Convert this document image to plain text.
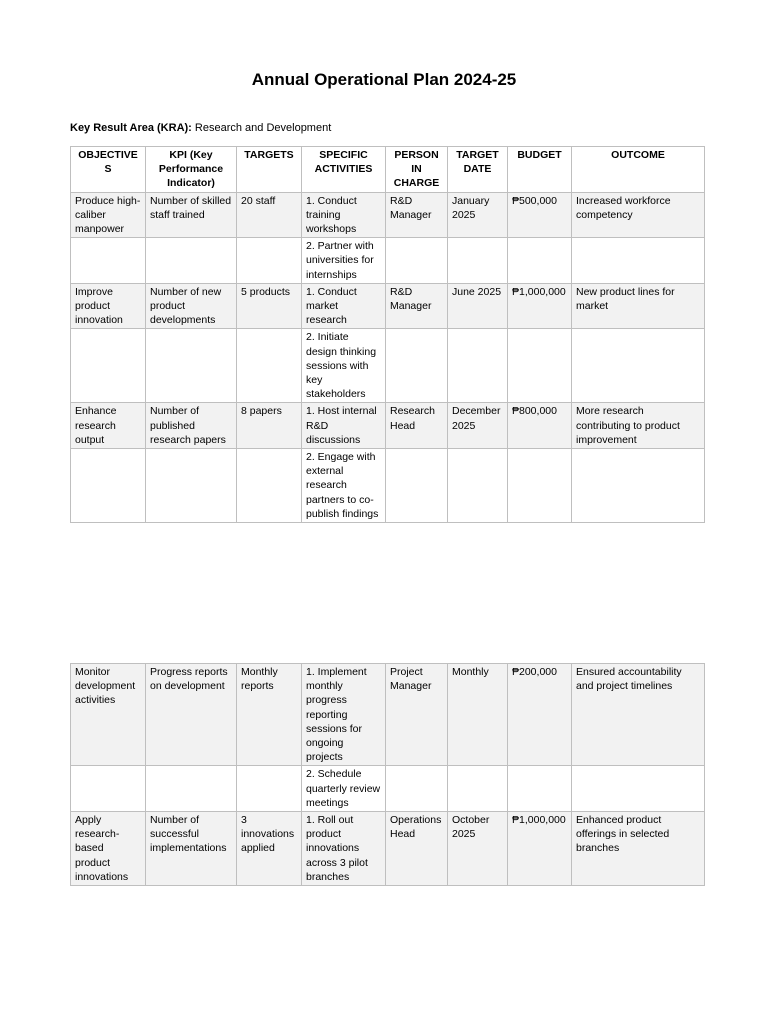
Annual Operational Plan 2024-25
Key Result Area (KRA): Research and Development
OBJECTIVES	KPI (Key Performance Indicator)	TARGETS	SPECIFIC ACTIVITIES	PERSON IN CHARGE	TARGET DATE	BUDGET	OUTCOME
Produce high-caliber manpower	Number of skilled staff trained	20 staff	1. Conduct training workshops	R&D Manager	January 2025	₱500,000	Increased workforce competency
			2. Partner with universities for internships				
Improve product innovation	Number of new product developments	5 products	1. Conduct market research	R&D Manager	June 2025	₱1,000,000	New product lines for market
			2. Initiate design thinking sessions with key stakeholders				
Enhance research output	Number of published research papers	8 papers	1. Host internal R&D discussions	Research Head	December 2025	₱800,000	More research contributing to product improvement
			2. Engage with external research partners to co-publish findings				
Monitor development activities	Progress reports on development	Monthly reports	1. Implement monthly progress reporting sessions for ongoing projects	Project Manager	Monthly	₱200,000	Ensured accountability and project timelines
			2. Schedule quarterly review meetings				
Apply research-based product innovations	Number of successful implementations	3 innovations applied	1. Roll out product innovations across 3 pilot branches	Operations Head	October 2025	₱1,000,000	Enhanced product offerings in selected branches
